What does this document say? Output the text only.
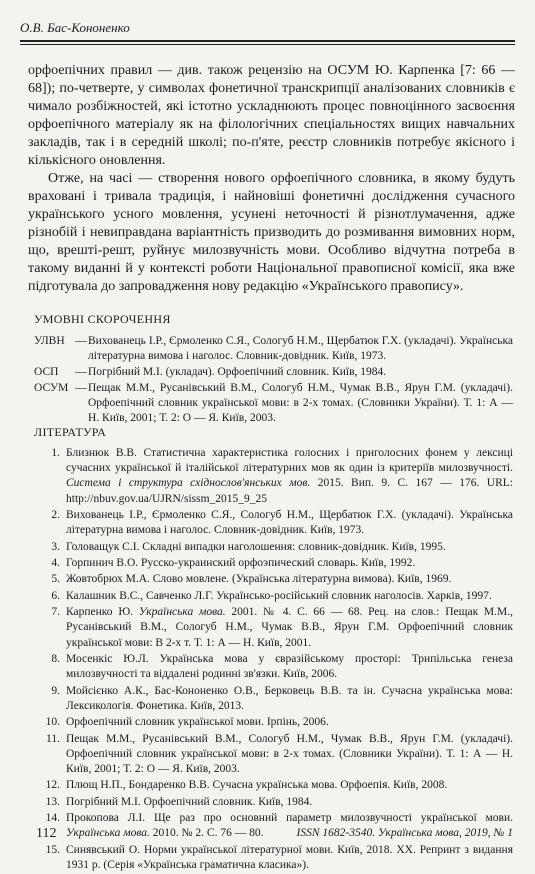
О.В. Бас-Кононенко

орфоепічних правил — див. також рецензію на ОСУМ Ю. Карпенка [7: 66 — 68]); по-четверте, у символах фонетичної транскрипції аналізованих словників є чимало розбіжностей, які істотно ускладнюють процес повноцінного засвоєння орфоепічного матеріалу як на філологічних спеціальностях вищих навчальних закладів, так і в середній школі; по-п'яте, реєстр словників потребує якісного і кількісного оновлення.

Отже, на часі — створення нового орфоепічного словника, в якому будуть враховані і тривала традиція, і найновіші фонетичні дослідження сучасного українського усного мовлення, усунені неточності й різнотлумачення, адже різнобій і невиправдана варіантність призводить до розмивання вимовних норм, що, врешті-решт, руйнує милозвучність мови. Особливо відчутна потреба в такому виданні й у контексті роботи Національної правописної комісії, яка вже підготувала до запровадження нову редакцію «Українського правопису».

УМОВНІ СКОРОЧЕННЯ
УЛВН — Вихованець І.Р., Єрмоленко С.Я., Сологуб Н.М., Щербатюк Г.Х. (укладачі). Українська літературна вимова і наголос. Словник-довідник. Київ, 1973.
ОСП	— Погрібний М.І. (укладач). Орфоепічний словник. Київ, 1984.
ОСУМ — Пещак М.М., Русанівський В.М., Сологуб Н.М., Чумак В.В., Ярун Г.М. (укладачі). Орфоепічний словник української мови: в 2-х томах. (Словники України). Т. 1: А — Н. Київ, 2001; Т. 2: О — Я. Київ, 2003.
ЛІТЕРАТУРА
1. Близнюк В.В. Статистична характеристика голосних і приголосних фонем у лексиці сучасних української й італійської літературних мов як один із критеріїв милозвучності. Система і структура східнослов'янських мов. 2015. Вип. 9. С. 167 — 176. URL: http://nbuv.gov.ua/UJRN/sissm_2015_9_25
2. Вихованець І.Р., Єрмоленко С.Я., Сологуб Н.М., Щербатюк Г.Х. (укладачі). Українська літературна вимова і наголос. Словник-довідник. Київ, 1973.
3. Головащук С.І. Складні випадки наголошення: словник-довідник. Київ, 1995.
4. Горпинич В.О. Русско-украинский орфоэпический словарь. Київ, 1992.
5. Жовтобрюх М.А. Слово мовлене. (Українська літературна вимова). Київ, 1969.
6. Калашник В.С., Савченко Л.Г. Українсько-російський словник наголосів. Харків, 1997.
7. Карпенко Ю. Українська мова. 2001. № 4. С. 66 — 68. Рец. на слов.: Пещак М.М., Русанівський В.М., Сологуб Н.М., Чумак В.В., Ярун Г.М. Орфоепічний словник української мови: В 2-х т. Т. 1: А — Н. Київ, 2001.
8. Мосенкіс Ю.Л. Українська мова у євразійському просторі: Трипільська генеза милозвучності та віддалені родинні зв'язки. Київ, 2006.
9. Мойсієнко А.К., Бас-Кононенко О.В., Берковець В.В. та ін. Сучасна українська мова: Лексикологія. Фонетика. Київ, 2013.
10. Орфоепічний словник української мови. Ірпінь, 2006.
11. Пещак М.М., Русанівський В.М., Сологуб Н.М., Чумак В.В., Ярун Г.М. (укладачі). Орфоепічний словник української мови: в 2-х томах. (Словники України). Т. 1: А — Н. Київ, 2001; Т. 2: О — Я. Київ, 2003.
12. Плющ Н.П., Бондаренко В.В. Сучасна українська мова. Орфоепія. Київ, 2008.
13. Погрібний М.І. Орфоепічний словник. Київ, 1984.
14. Прокопова Л.І. Ще раз про основний параметр милозвучності української мови. Українська мова. 2010. № 2. С. 76 — 80.
15. Синявський О. Норми української літературної мови. Київ, 2018. XX. Репринт з видання 1931 р. (Серія «Українська граматична класика»).
112	ISSN 1682-3540. Українська мова, 2019, № 1
